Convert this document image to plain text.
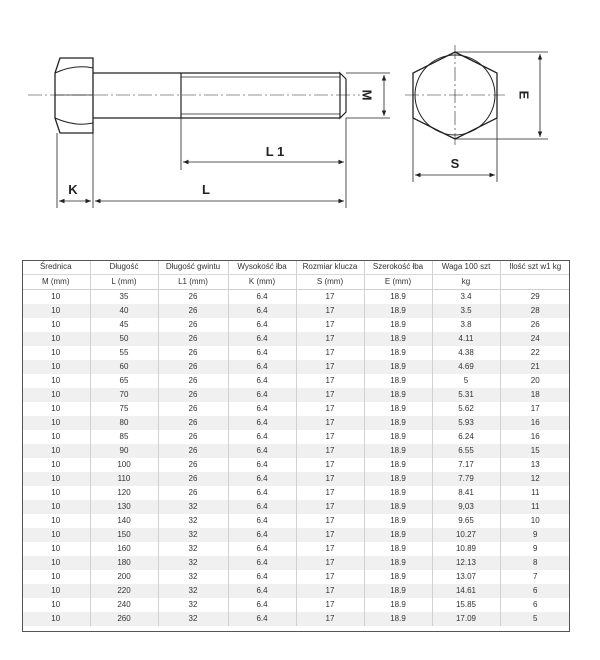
M
L 1
K	L
E
S
Średnica	Długość	Długość gwintu	Wysokość łba	Rozmiar klucza	Szerokość łba	Waga 100 szt	Ilość szt w1 kg
M (mm)	L (mm)	L1 (mm)	K (mm)	S (mm)	E (mm)	kg	
10	35	26	6.4	17	18.9	3.4	29
10	40	26	6.4	17	18.9	3.5	28
10	45	26	6.4	17	18.9	3.8	26
10	50	26	6.4	17	18.9	4.11	24
10	55	26	6.4	17	18.9	4.38	22
10	60	26	6.4	17	18.9	4.69	21
10	65	26	6.4	17	18.9	5	20
10	70	26	6.4	17	18.9	5.31	18
10	75	26	6.4	17	18.9	5.62	17
10	80	26	6.4	17	18.9	5.93	16
10	85	26	6.4	17	18.9	6.24	16
10	90	26	6.4	17	18.9	6.55	15
10	100	26	6.4	17	18.9	7.17	13
10	110	26	6.4	17	18.9	7.79	12
10	120	26	6.4	17	18.9	8.41	11
10	130	32	6.4	17	18.9	9,03	11
10	140	32	6.4	17	18.9	9.65	10
10	150	32	6.4	17	18.9	10.27	9
10	160	32	6.4	17	18.9	10.89	9
10	180	32	6.4	17	18.9	12.13	8
10	200	32	6.4	17	18.9	13.07	7
10	220	32	6.4	17	18.9	14.61	6
10	240	32	6.4	17	18.9	15.85	6
10	260	32	6.4	17	18.9	17.09	5
